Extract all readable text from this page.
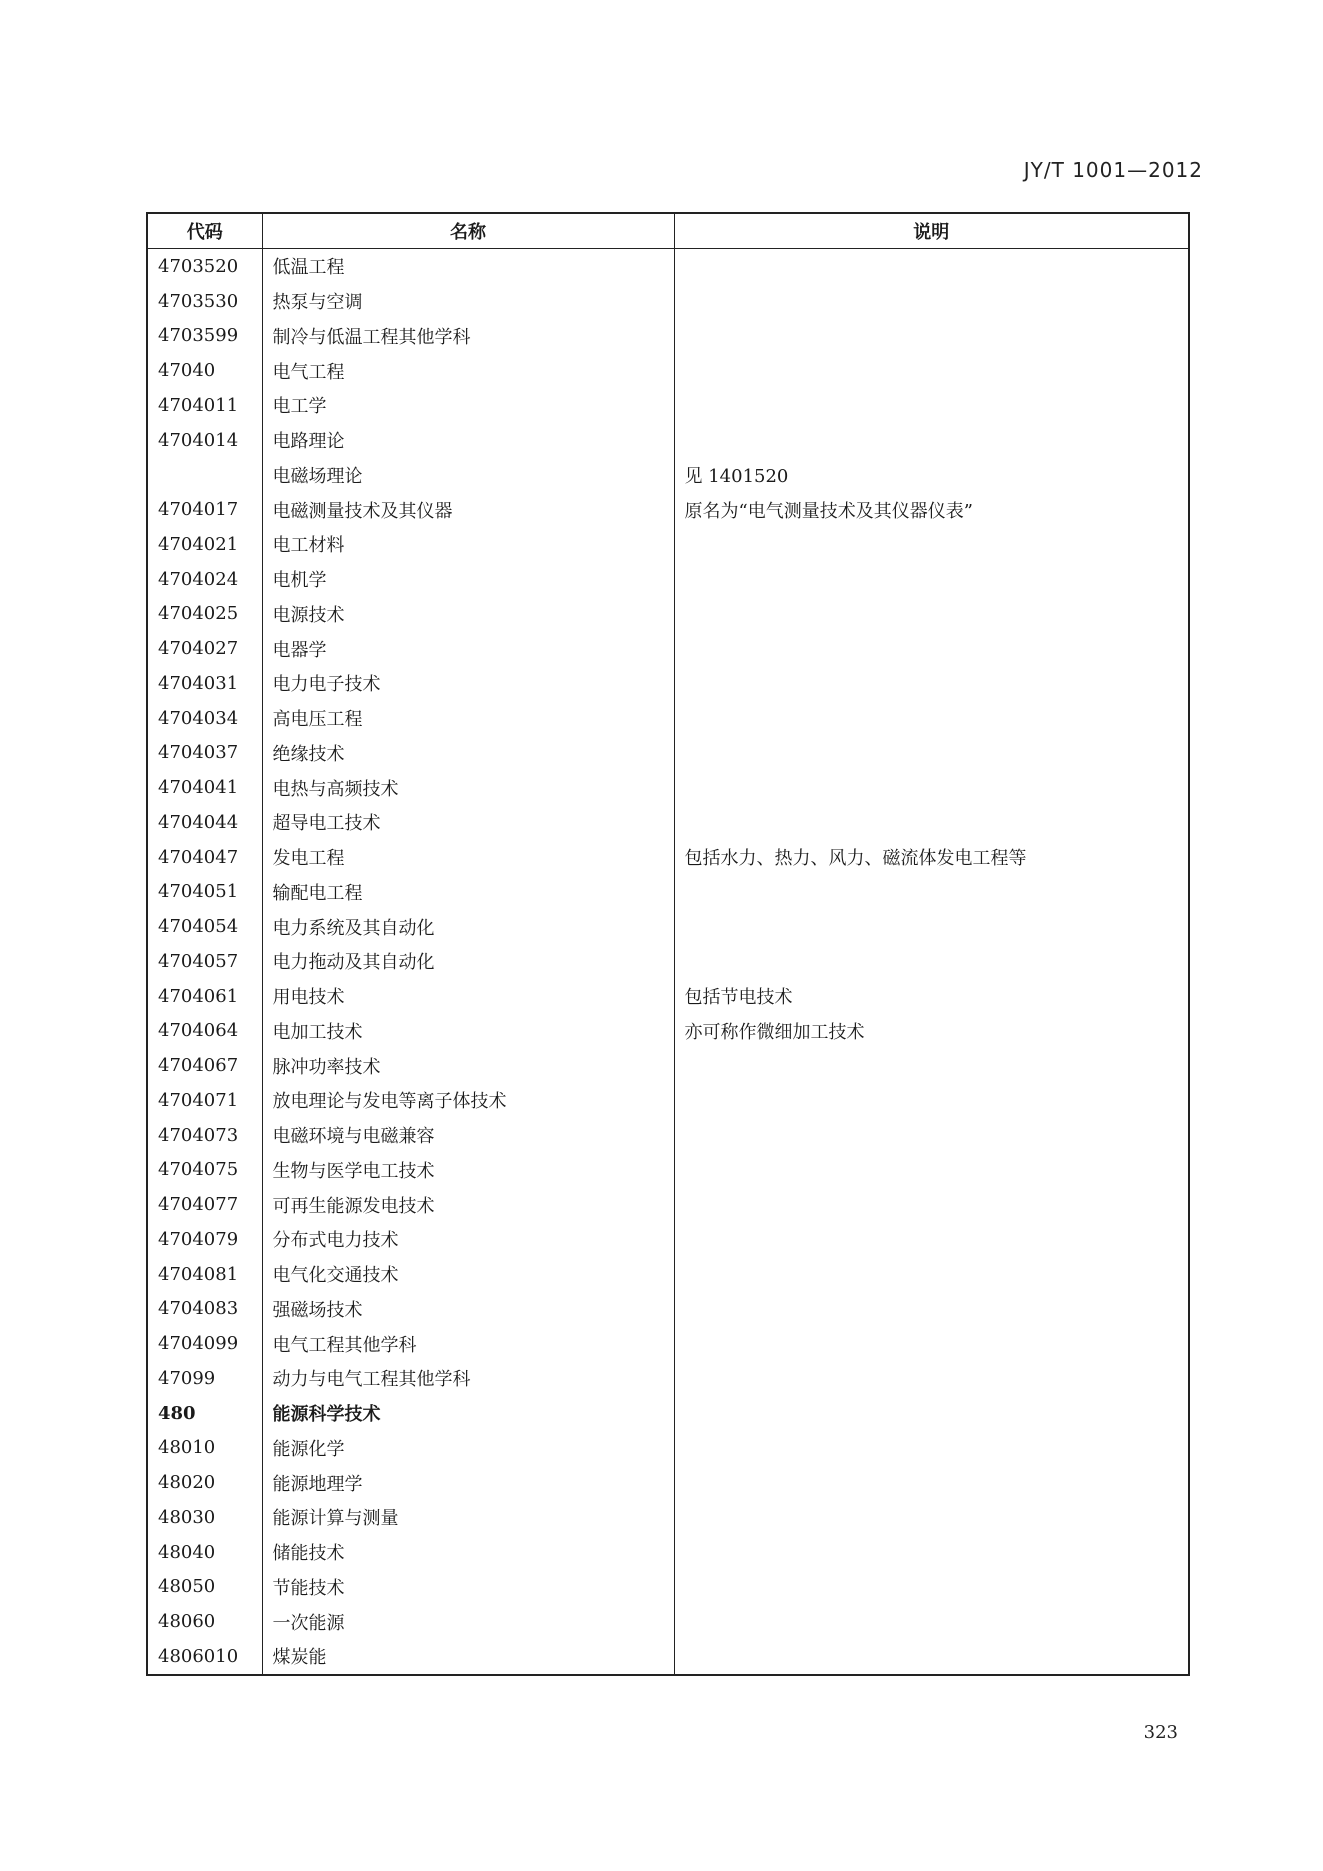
JY/T 1001—2012
代码	名称	说明
4703520	低温工程	
4703530	热泵与空调	
4703599	制冷与低温工程其他学科	
47040	电气工程	
4704011	电工学	
4704014	电路理论	
	电磁场理论	见 1401520
4704017	电磁测量技术及其仪器	原名为“电气测量技术及其仪器仪表”
4704021	电工材料	
4704024	电机学	
4704025	电源技术	
4704027	电器学	
4704031	电力电子技术	
4704034	高电压工程	
4704037	绝缘技术	
4704041	电热与高频技术	
4704044	超导电工技术	
4704047	发电工程	包括水力、热力、风力、磁流体发电工程等
4704051	输配电工程	
4704054	电力系统及其自动化	
4704057	电力拖动及其自动化	
4704061	用电技术	包括节电技术
4704064	电加工技术	亦可称作微细加工技术
4704067	脉冲功率技术	
4704071	放电理论与发电等离子体技术	
4704073	电磁环境与电磁兼容	
4704075	生物与医学电工技术	
4704077	可再生能源发电技术	
4704079	分布式电力技术	
4704081	电气化交通技术	
4704083	强磁场技术	
4704099	电气工程其他学科	
47099	动力与电气工程其他学科	
480	能源科学技术	
48010	能源化学	
48020	能源地理学	
48030	能源计算与测量	
48040	储能技术	
48050	节能技术	
48060	一次能源	
4806010	煤炭能	
323
